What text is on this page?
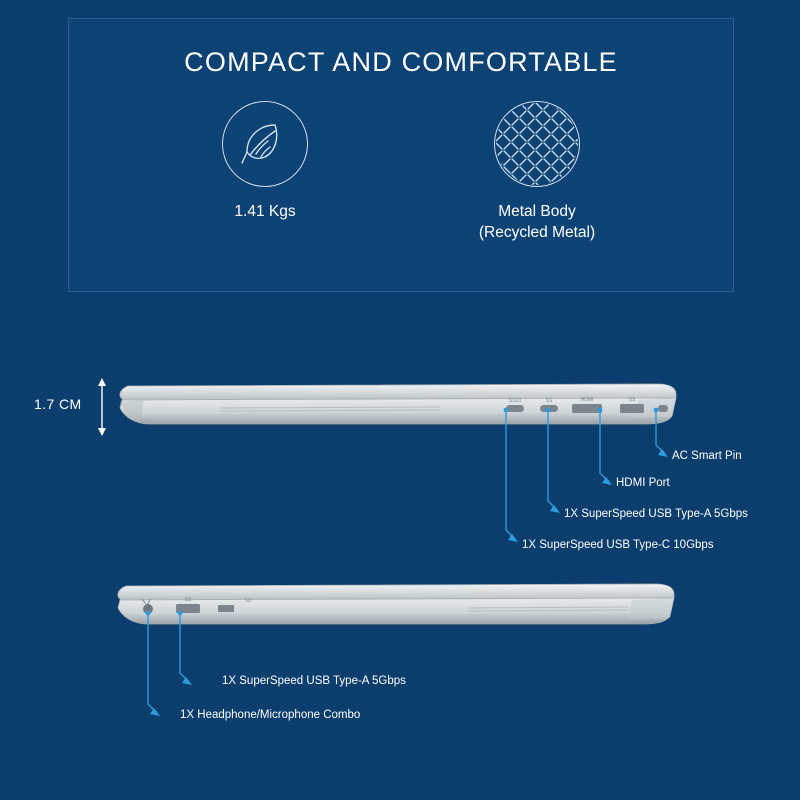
COMPACT AND COMFORTABLE
1.41 Kgs	Metal Body
(Recycled Metal)
1.7 CM	SS10	SS	HDMI	SS
AC Smart Pin
HDMI Port
1X SuperSpeed USB Type-A 5Gbps
1X SuperSpeed USB Type-C 10Gbps
SS	SD
1X SuperSpeed USB Type-A 5Gbps
1X Headphone/Microphone Combo
